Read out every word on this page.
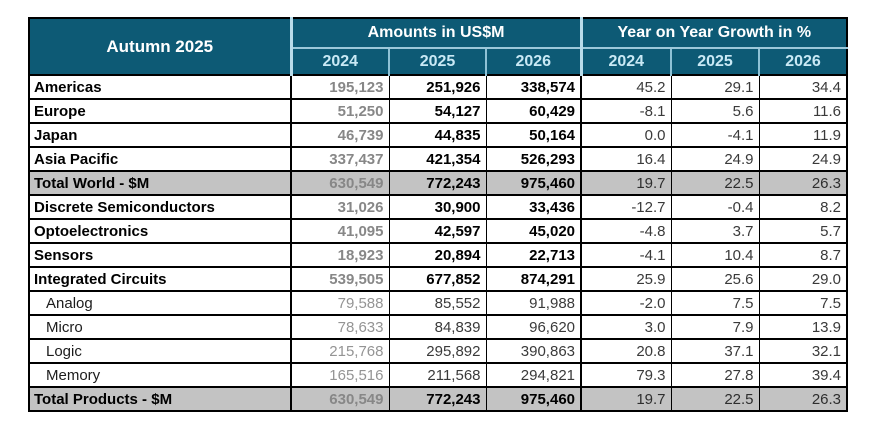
Autumn 2025	Amounts in US$M			Year on Year Growth in %		
	2024	2025	2026	2024	2025	2026
Americas	195,123	251,926	338,574	45.2	29.1	34.4
Europe	51,250	54,127	60,429	-8.1	5.6	11.6
Japan	46,739	44,835	50,164	0.0	-4.1	11.9
Asia Pacific	337,437	421,354	526,293	16.4	24.9	24.9
Total World - $M	630,549	772,243	975,460	19.7	22.5	26.3
Discrete Semiconductors	31,026	30,900	33,436	-12.7	-0.4	8.2
Optoelectronics	41,095	42,597	45,020	-4.8	3.7	5.7
Sensors	18,923	20,894	22,713	-4.1	10.4	8.7
Integrated Circuits	539,505	677,852	874,291	25.9	25.6	29.0
Analog	79,588	85,552	91,988	-2.0	7.5	7.5
Micro	78,633	84,839	96,620	3.0	7.9	13.9
Logic	215,768	295,892	390,863	20.8	37.1	32.1
Memory	165,516	211,568	294,821	79.3	27.8	39.4
Total Products - $M	630,549	772,243	975,460	19.7	22.5	26.3
